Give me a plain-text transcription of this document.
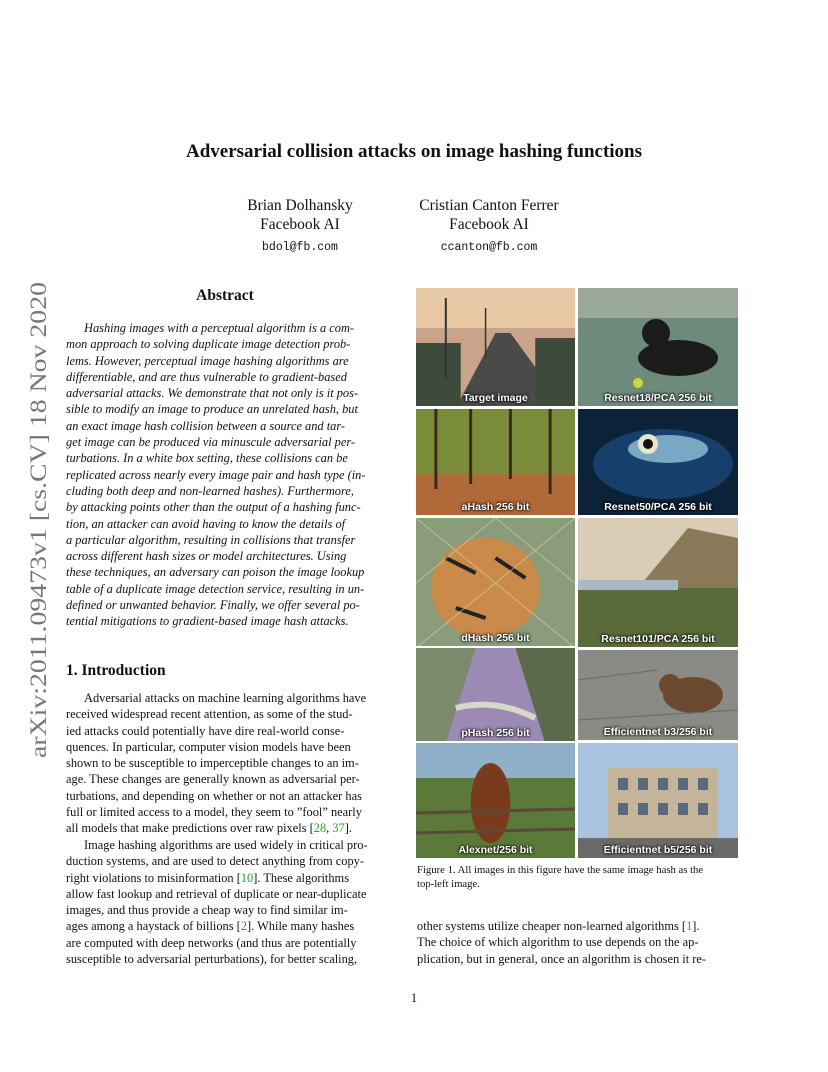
arXiv:2011.09473v1 [cs.CV] 18 Nov 2020
Adversarial collision attacks on image hashing functions
Brian Dolhansky
Facebook AI
bdol@fb.com
Cristian Canton Ferrer
Facebook AI
ccanton@fb.com
Abstract
Hashing images with a perceptual algorithm is a com-
mon approach to solving duplicate image detection prob-
lems. However, perceptual image hashing algorithms are
differentiable, and are thus vulnerable to gradient-based
adversarial attacks. We demonstrate that not only is it pos-
sible to modify an image to produce an unrelated hash, but
an exact image hash collision between a source and tar-
get image can be produced via minuscule adversarial per-
turbations. In a white box setting, these collisions can be
replicated across nearly every image pair and hash type (in-
cluding both deep and non-learned hashes). Furthermore,
by attacking points other than the output of a hashing func-
tion, an attacker can avoid having to know the details of
a particular algorithm, resulting in collisions that transfer
across different hash sizes or model architectures. Using
these techniques, an adversary can poison the image lookup
table of a duplicate image detection service, resulting in un-
defined or unwanted behavior. Finally, we offer several po-
tential mitigations to gradient-based image hash attacks.
1. Introduction
Adversarial attacks on machine learning algorithms have
received widespread recent attention, as some of the stud-
ied attacks could potentially have dire real-world conse-
quences. In particular, computer vision models have been
shown to be susceptible to imperceptible changes to an im-
age. These changes are generally known as adversarial per-
turbations, and depending on whether or not an attacker has
full or limited access to a model, they seem to ”fool” nearly
all models that make predictions over raw pixels [28, 37].
Image hashing algorithms are used widely in critical pro-
duction systems, and are used to detect anything from copy-
right violations to misinformation [10]. These algorithms
allow fast lookup and retrieval of duplicate or near-duplicate
images, and thus provide a cheap way to find similar im-
ages among a haystack of billions [2]. While many hashes
are computed with deep networks (and thus are potentially
susceptible to adversarial perturbations), for better scaling,
Target image	Resnet18/PCA 256 bit
aHash 256 bit	Resnet50/PCA 256 bit
dHash 256 bit	Resnet101/PCA 256 bit
pHash 256 bit	Efficientnet b3/256 bit
Alexnet/256 bit	Efficientnet b5/256 bit
Figure 1. All images in this figure have the same image hash as the
top-left image.
other systems utilize cheaper non-learned algorithms [1].
The choice of which algorithm to use depends on the ap-
plication, but in general, once an algorithm is chosen it re-
1
